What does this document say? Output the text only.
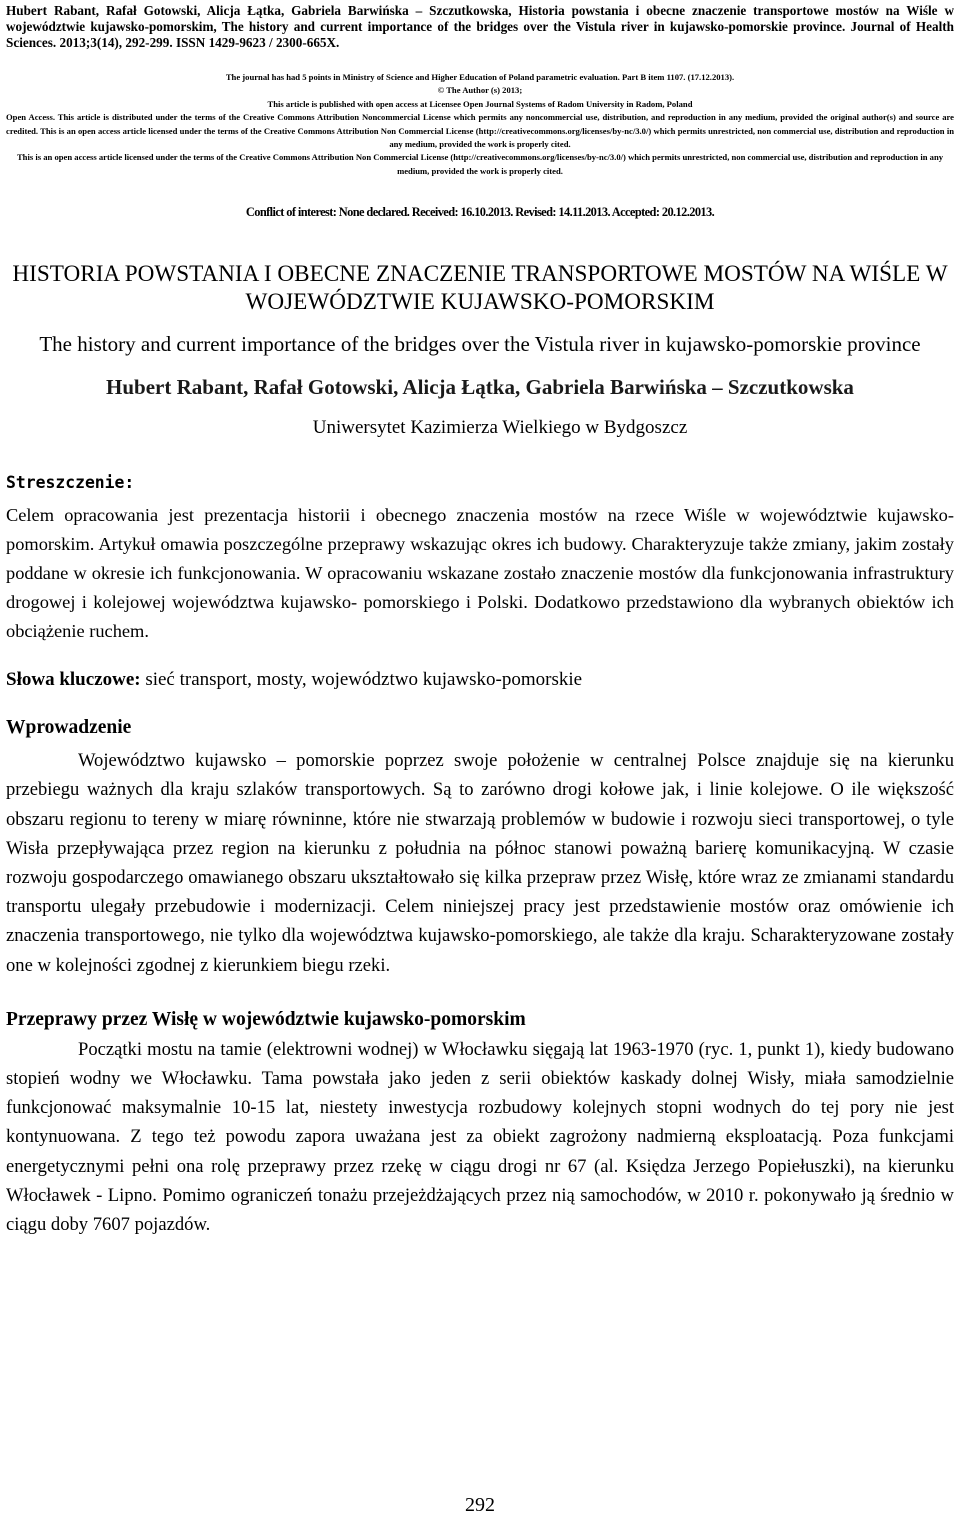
Hubert Rabant, Rafał Gotowski, Alicja Łątka, Gabriela Barwińska – Szczutkowska, Historia powstania i obecne znaczenie transportowe mostów na Wiśle w województwie kujawsko-pomorskim, The history and current importance of the bridges over the Vistula river in kujawsko-pomorskie province. Journal of Health Sciences. 2013;3(14), 292-299. ISSN 1429-9623 / 2300-665X.

The journal has had 5 points in Ministry of Science and Higher Education of Poland parametric evaluation. Part B item 1107. (17.12.2013).

© The Author (s) 2013;

This article is published with open access at Licensee Open Journal Systems of Radom University in Radom, Poland

Open Access. This article is distributed under the terms of the Creative Commons Attribution Noncommercial License which permits any noncommercial use, distribution, and reproduction in any medium, provided the original author(s) and source are credited. This is an open access article licensed under the terms of the Creative Commons Attribution Non Commercial License (http://creativecommons.org/licenses/by-nc/3.0/) which permits unrestricted, non commercial use, distribution and reproduction in any medium, provided the work is properly cited.

This is an open access article licensed under the terms of the Creative Commons Attribution Non Commercial License (http://creativecommons.org/licenses/by-nc/3.0/) which permits unrestricted, non commercial use, distribution and reproduction in any medium, provided the work is properly cited.

Conflict of interest: None declared. Received: 16.10.2013. Revised: 14.11.2013. Accepted: 20.12.2013.
HISTORIA POWSTANIA I OBECNE ZNACZENIE TRANSPORTOWE MOSTÓW NA WIŚLE W WOJEWÓDZTWIE KUJAWSKO-POMORSKIM
The history and current importance of the bridges over the Vistula river in kujawsko-pomorskie province

Hubert Rabant, Rafał Gotowski, Alicja Łątka, Gabriela Barwińska – Szczutkowska

Uniwersytet Kazimierza Wielkiego w Bydgoszcz

Streszczenie:

Celem opracowania jest prezentacja historii i obecnego znaczenia mostów na rzece Wiśle w województwie kujawsko-pomorskim. Artykuł omawia poszczególne przeprawy wskazując okres ich budowy. Charakteryzuje także zmiany, jakim zostały poddane w okresie ich funkcjonowania. W opracowaniu wskazane zostało znaczenie mostów dla funkcjonowania infrastruktury drogowej i kolejowej województwa kujawsko- pomorskiego i Polski. Dodatkowo przedstawiono dla wybranych obiektów ich obciążenie ruchem.

Słowa kluczowe: sieć transport, mosty, województwo kujawsko-pomorskie

Wprowadzenie

Województwo kujawsko – pomorskie poprzez swoje położenie w centralnej Polsce znajduje się na kierunku przebiegu ważnych dla kraju szlaków transportowych. Są to zarówno drogi kołowe jak, i linie kolejowe. O ile większość obszaru regionu to tereny w miarę równinne, które nie stwarzają problemów w budowie i rozwoju sieci transportowej, o tyle Wisła przepływająca przez region na kierunku z południa na północ stanowi poważną barierę komunikacyjną. W czasie rozwoju gospodarczego omawianego obszaru ukształtowało się kilka przepraw przez Wisłę, które wraz ze zmianami standardu transportu ulegały przebudowie i modernizacji. Celem niniejszej pracy jest przedstawienie mostów oraz omówienie ich znaczenia transportowego, nie tylko dla województwa kujawsko-pomorskiego, ale także dla kraju. Scharakteryzowane zostały one w kolejności zgodnej z kierunkiem biegu rzeki.

Przeprawy przez Wisłę w województwie kujawsko-pomorskim

Początki mostu na tamie (elektrowni wodnej) w Włocławku sięgają lat 1963-1970 (ryc. 1, punkt 1), kiedy budowano stopień wodny we Włocławku. Tama powstała jako jeden z serii obiektów kaskady dolnej Wisły, miała samodzielnie funkcjonować maksymalnie 10-15 lat, niestety inwestycja rozbudowy kolejnych stopni wodnych do tej pory nie jest kontynuowana. Z tego też powodu zapora uważana jest za obiekt zagrożony nadmierną eksploatacją. Poza funkcjami energetycznymi pełni ona rolę przeprawy przez rzekę w ciągu drogi nr 67 (al. Księdza Jerzego Popiełuszki), na kierunku Włocławek - Lipno. Pomimo ograniczeń tonażu przejeżdżających przez nią samochodów, w 2010 r. pokonywało ją średnio w ciągu doby 7607 pojazdów.

292
